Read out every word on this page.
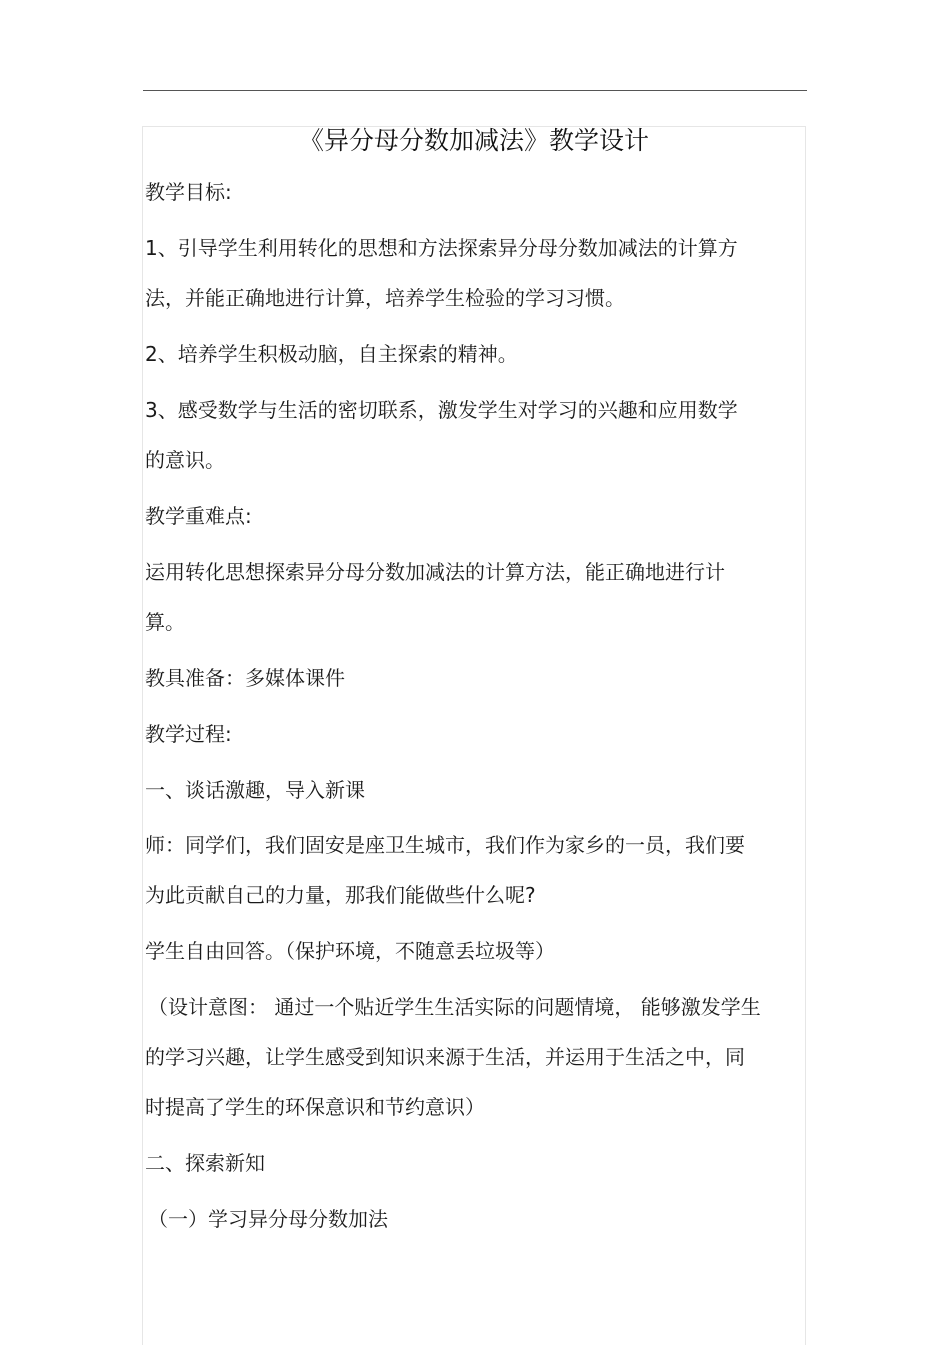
《异分母分数加减法》教学设计
教学目标:
1、引导学生利用转化的思想和方法探索异分母分数加减法的计算方
法，并能正确地进行计算，培养学生检验的学习习惯。
2、培养学生积极动脑，自主探索的精神。
3、感受数学与生活的密切联系，激发学生对学习的兴趣和应用数学
的意识。
教学重难点:
运用转化思想探索异分母分数加减法的计算方法，能正确地进行计
算。
教具准备：多媒体课件
教学过程:
一、谈话激趣，导入新课
师：同学们，我们固安是座卫生城市，我们作为家乡的一员，我们要
为此贡献自己的力量，那我们能做些什么呢?
学生自由回答。（保护环境，不随意丢垃圾等）
（设计意图： 通过一个贴近学生生活实际的问题情境， 能够激发学生
的学习兴趣，让学生感受到知识来源于生活，并运用于生活之中，同
时提高了学生的环保意识和节约意识）
二、探索新知
（一）学习异分母分数加法
